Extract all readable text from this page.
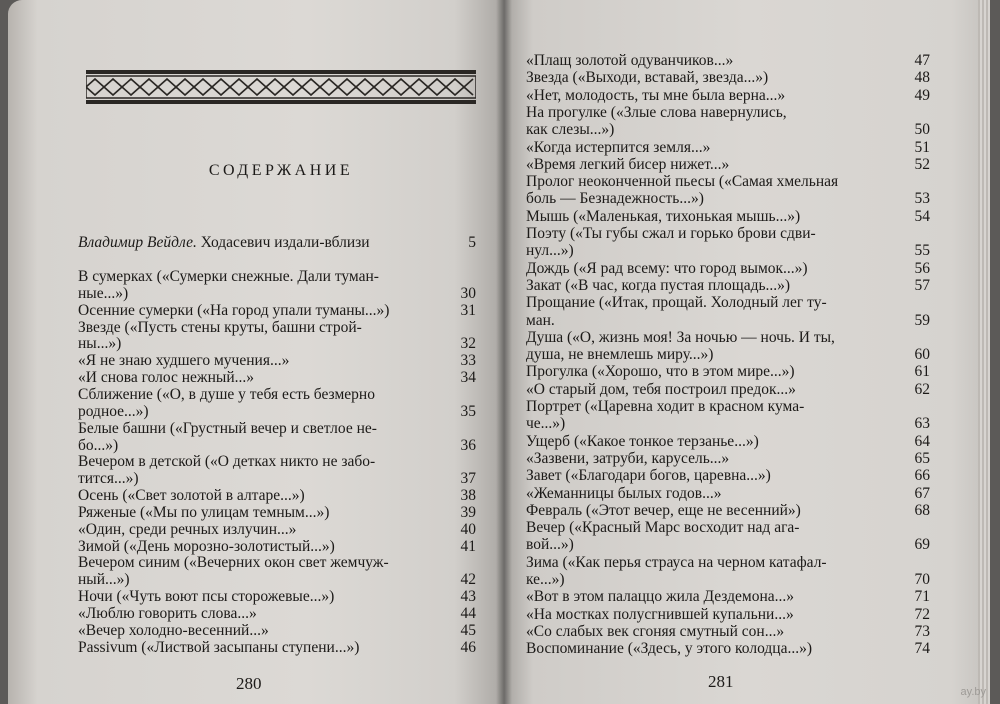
СОДЕРЖАНИЕ
Владимир Вейдле. Ходасевич издали-вблизи	5
В сумерках («Сумерки снежные. Дали туман-
ные...»)	30
Осенние сумерки («На город упали туманы...»)	31
Звезде («Пусть стены круты, башни строй-
ны...»)	32
«Я не знаю худшего мучения...»	33
«И снова голос нежный...»	34
Сближение («О, в душе у тебя есть безмерно
родное...»)	35
Белые башни («Грустный вечер и светлое не-
бо...»)	36
Вечером в детской («О детках никто не забо-
тится...»)	37
Осень («Свет золотой в алтаре...»)	38
Ряженые («Мы по улицам темным...»)	39
«Один, среди речных излучин...»	40
Зимой («День морозно-золотистый...»)	41
Вечером синим («Вечерних окон свет жемчуж-
ный...»)	42
Ночи («Чуть воют псы сторожевые...»)	43
«Люблю говорить слова...»	44
«Вечер холодно-весенний...»	45
Passivum («Листвой засыпаны ступени...»)	46
280
«Плащ золотой одуванчиков...»	47
Звезда («Выходи, вставай, звезда...»)	48
«Нет, молодость, ты мне была верна...»	49
На прогулке («Злые слова навернулись,
как слезы...»)	50
«Когда истерпится земля...»	51
«Время легкий бисер нижет...»	52
Пролог неоконченной пьесы («Самая хмельная
боль — Безнадежность...»)	53
Мышь («Маленькая, тихонькая мышь...»)	54
Поэту («Ты губы сжал и горько брови сдви-
нул...»)	55
Дождь («Я рад всему: что город вымок...»)	56
Закат («В час, когда пустая площадь...»)	57
Прощание («Итак, прощай. Холодный лег ту-
ман.	59
Душа («О, жизнь моя! За ночью — ночь. И ты,
душа, не внемлешь миру...»)	60
Прогулка («Хорошо, что в этом мире...»)	61
«О старый дом, тебя построил предок...»	62
Портрет («Царевна ходит в красном кума-
че...»)	63
Ущерб («Какое тонкое терзанье...»)	64
«Зазвени, затруби, карусель...»	65
Завет («Благодари богов, царевна...»)	66
«Жеманницы былых годов...»	67
Февраль («Этот вечер, еще не весенний»)	68
Вечер («Красный Марс восходит над ага-
вой...»)	69
Зима («Как перья страуса на черном катафал-
ке...»)	70
«Вот в этом палаццо жила Дездемона...»	71
«На мостках полусгнившей купальни...»	72
«Со слабых век сгоняя смутный сон...»	73
Воспоминание («Здесь, у этого колодца...»)	74
281
ay.by
